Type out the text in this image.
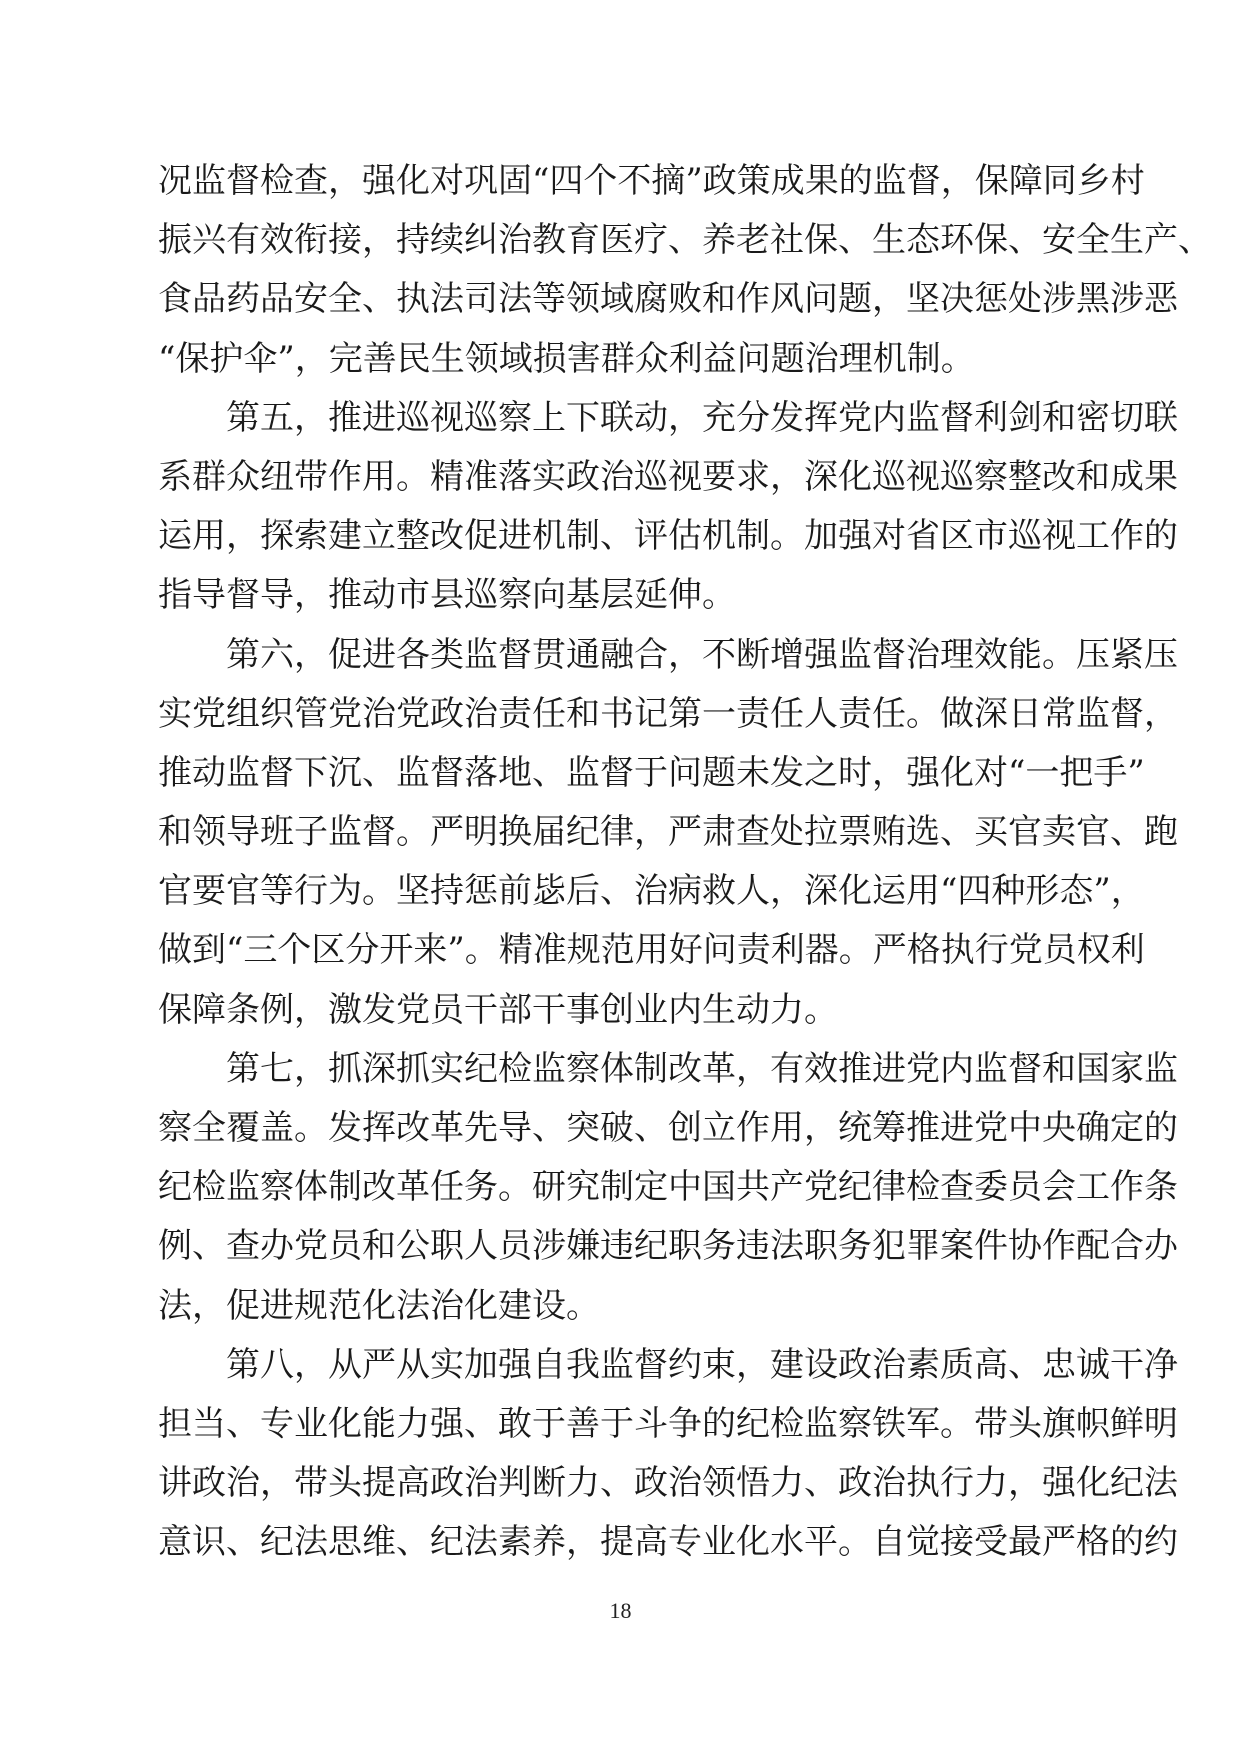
况监督检查，强化对巩固“四个不摘”政策成果的监督，保障同乡村
振兴有效衔接，持续纠治教育医疗、养老社保、生态环保、安全生产、
食品药品安全、执法司法等领域腐败和作风问题，坚决惩处涉黑涉恶
“保护伞”，完善民生领域损害群众利益问题治理机制。
　　第五，推进巡视巡察上下联动，充分发挥党内监督利剑和密切联
系群众纽带作用。精准落实政治巡视要求，深化巡视巡察整改和成果
运用，探索建立整改促进机制、评估机制。加强对省区市巡视工作的
指导督导，推动市县巡察向基层延伸。
　　第六，促进各类监督贯通融合，不断增强监督治理效能。压紧压
实党组织管党治党政治责任和书记第一责任人责任。做深日常监督，
推动监督下沉、监督落地、监督于问题未发之时，强化对“一把手”
和领导班子监督。严明换届纪律，严肃查处拉票贿选、买官卖官、跑
官要官等行为。坚持惩前毖后、治病救人，深化运用“四种形态”，
做到“三个区分开来”。精准规范用好问责利器。严格执行党员权利
保障条例，激发党员干部干事创业内生动力。
　　第七，抓深抓实纪检监察体制改革，有效推进党内监督和国家监
察全覆盖。发挥改革先导、突破、创立作用，统筹推进党中央确定的
纪检监察体制改革任务。研究制定中国共产党纪律检查委员会工作条
例、查办党员和公职人员涉嫌违纪职务违法职务犯罪案件协作配合办
法，促进规范化法治化建设。
　　第八，从严从实加强自我监督约束，建设政治素质高、忠诚干净
担当、专业化能力强、敢于善于斗争的纪检监察铁军。带头旗帜鲜明
讲政治，带头提高政治判断力、政治领悟力、政治执行力，强化纪法
意识、纪法思维、纪法素养，提高专业化水平。自觉接受最严格的约
18
